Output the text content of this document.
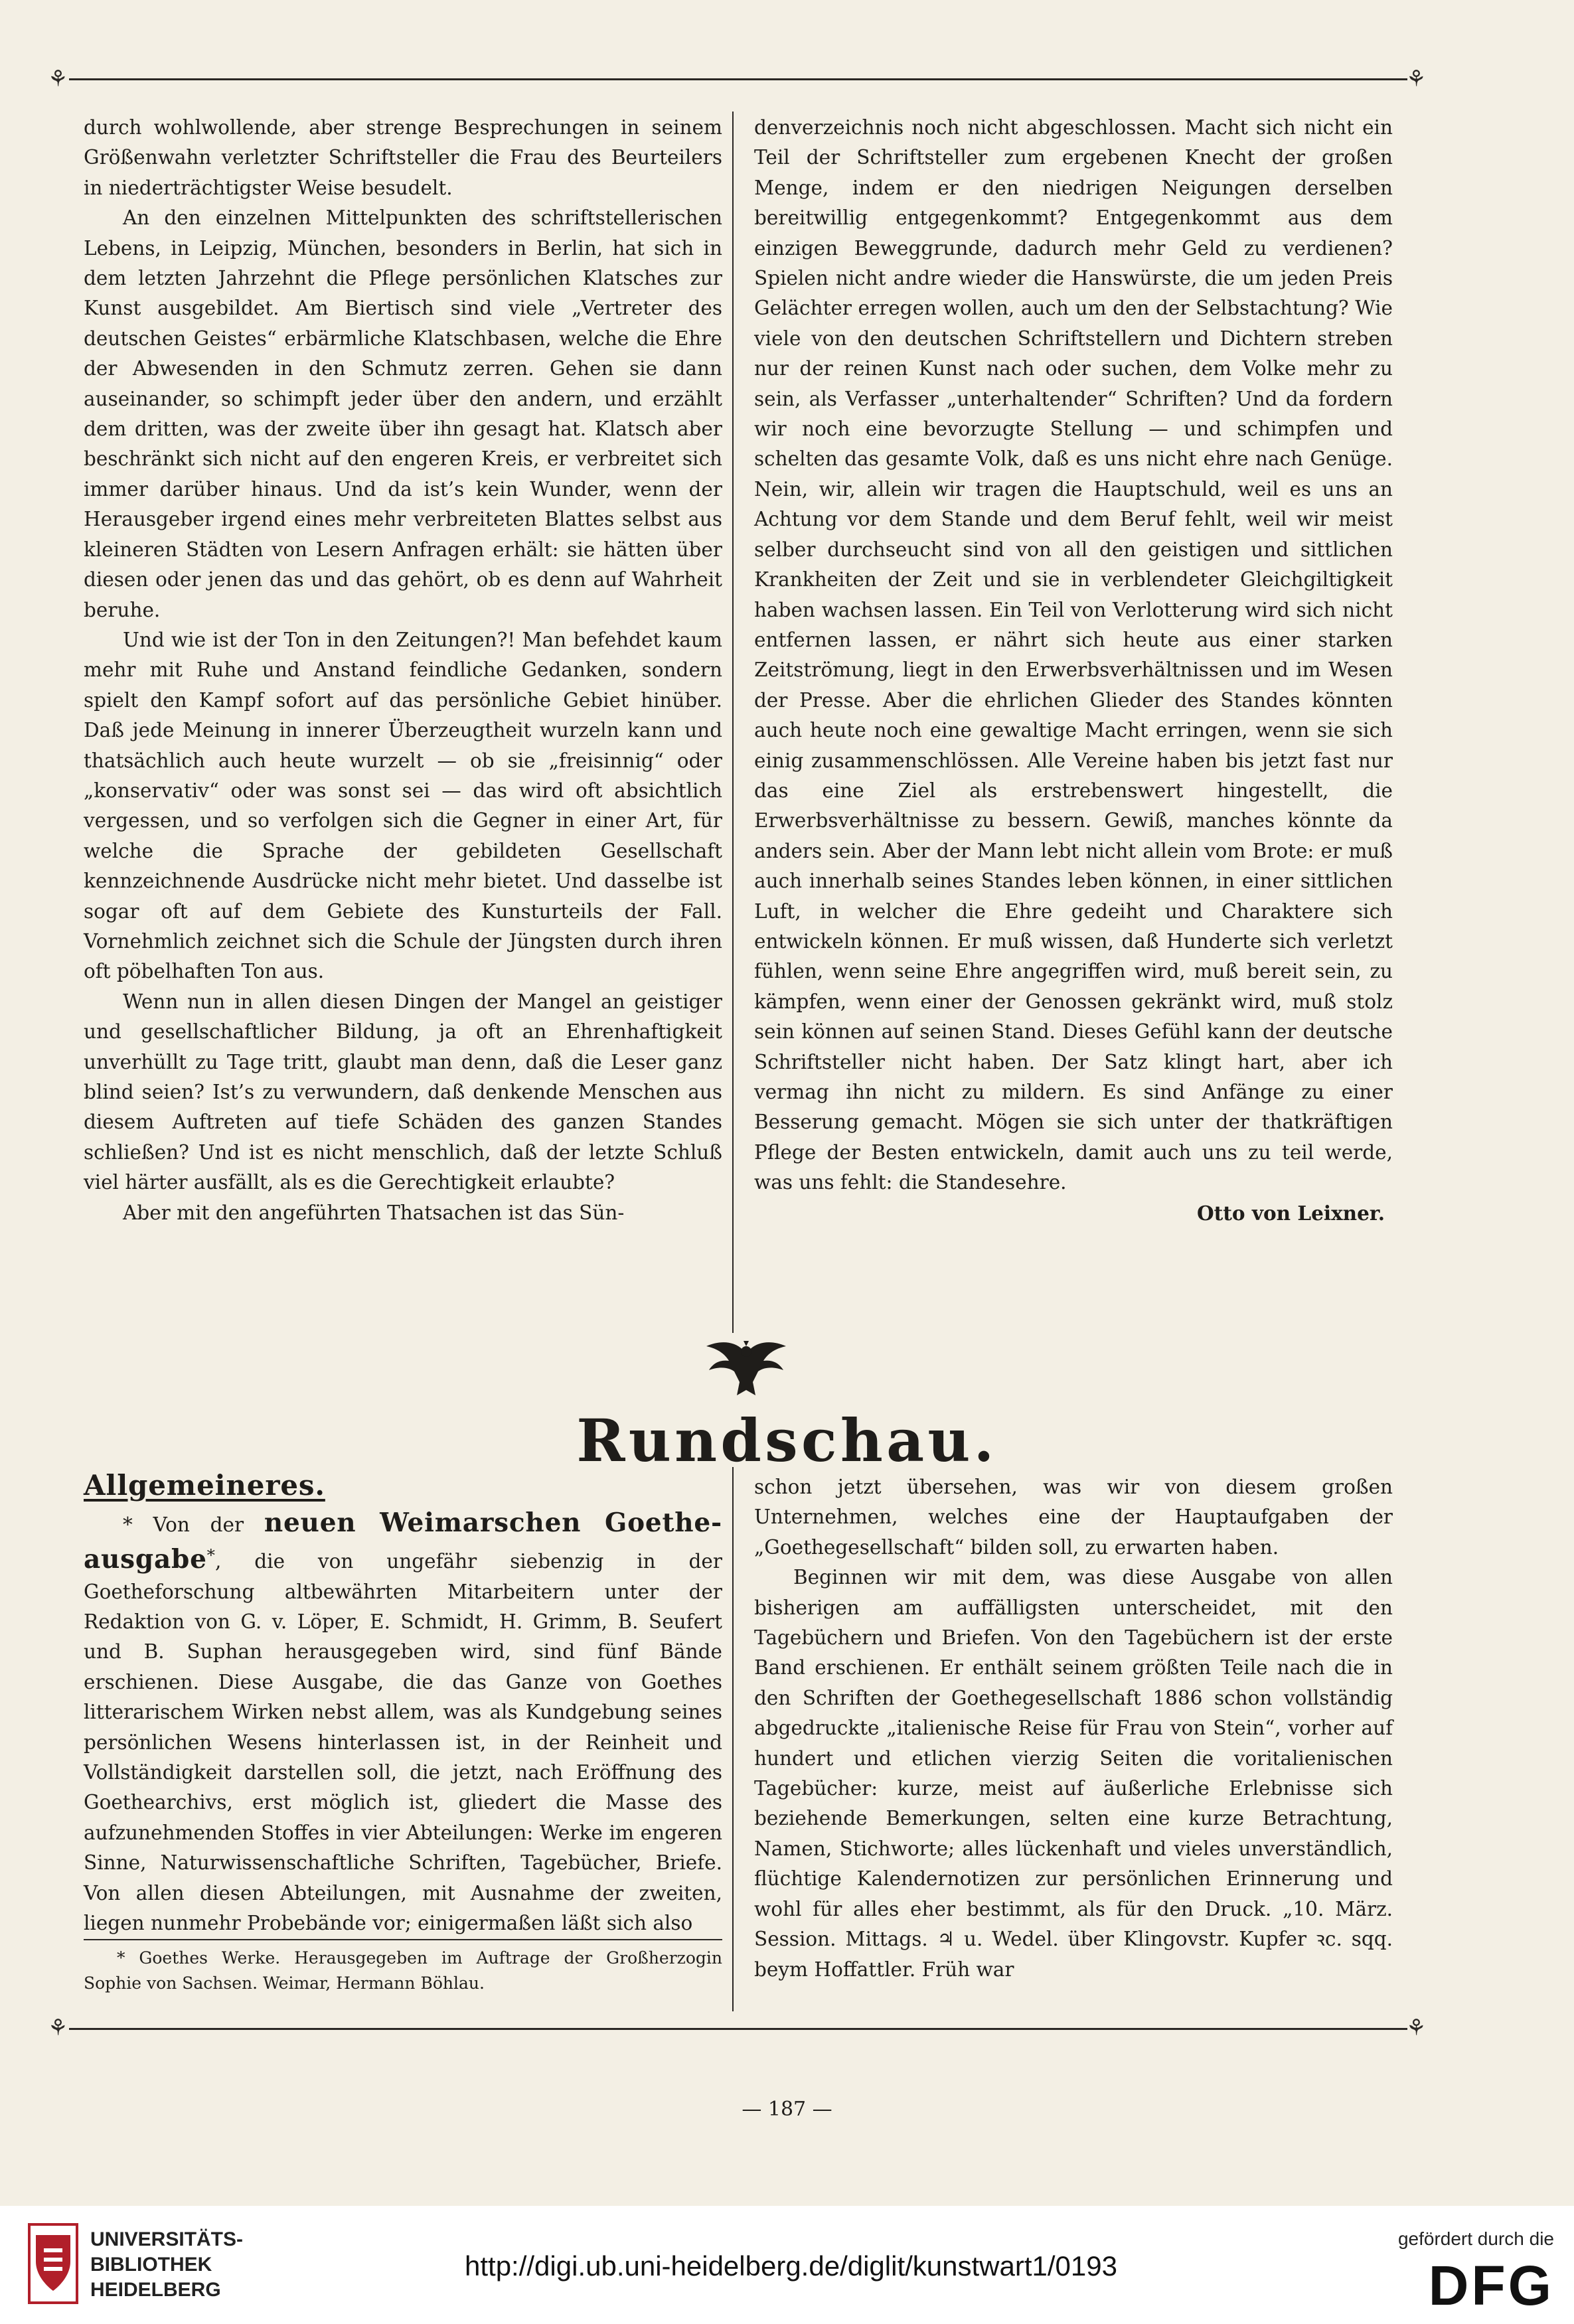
⚘	⚘
⚘	⚘

durch wohlwollende, aber strenge Besprechungen in seinem Größenwahn verletzter Schriftsteller die Frau des Beurteilers in niederträchtigster Weise besudelt.

An den einzelnen Mittelpunkten des schriftstellerischen Lebens, in Leipzig, München, besonders in Berlin, hat sich in dem letzten Jahrzehnt die Pflege persönlichen Klatsches zur Kunst ausgebildet. Am Biertisch sind viele „Vertreter des deutschen Geistes“ erbärmliche Klatschbasen, welche die Ehre der Abwesenden in den Schmutz zerren. Gehen sie dann auseinander, so schimpft jeder über den andern, und erzählt dem dritten, was der zweite über ihn gesagt hat. Klatsch aber beschränkt sich nicht auf den engeren Kreis, er verbreitet sich immer darüber hinaus. Und da ist’s kein Wunder, wenn der Herausgeber irgend eines mehr verbreiteten Blattes selbst aus kleineren Städten von Lesern Anfragen erhält: sie hätten über diesen oder jenen das und das gehört, ob es denn auf Wahrheit beruhe.

Und wie ist der Ton in den Zeitungen?! Man befehdet kaum mehr mit Ruhe und Anstand feindliche Gedanken, sondern spielt den Kampf sofort auf das persönliche Gebiet hinüber. Daß jede Meinung in innerer Überzeugtheit wurzeln kann und thatsächlich auch heute wurzelt — ob sie „freisinnig“ oder „konservativ“ oder was sonst sei — das wird oft absichtlich vergessen, und so verfolgen sich die Gegner in einer Art, für welche die Sprache der gebildeten Gesellschaft kennzeichnende Ausdrücke nicht mehr bietet. Und dasselbe ist sogar oft auf dem Gebiete des Kunsturteils der Fall. Vornehmlich zeichnet sich die Schule der Jüngsten durch ihren oft pöbelhaften Ton aus.

Wenn nun in allen diesen Dingen der Mangel an geistiger und gesellschaftlicher Bildung, ja oft an Ehrenhaftigkeit unverhüllt zu Tage tritt, glaubt man denn, daß die Leser ganz blind seien? Ist’s zu verwundern, daß denkende Menschen aus diesem Auftreten auf tiefe Schäden des ganzen Standes schließen? Und ist es nicht menschlich, daß der letzte Schluß viel härter ausfällt, als es die Gerechtigkeit erlaubte?

Aber mit den angeführten Thatsachen ist das Sün-

denverzeichnis noch nicht abgeschlossen. Macht sich nicht ein Teil der Schriftsteller zum ergebenen Knecht der großen Menge, indem er den niedrigen Neigungen derselben bereitwillig entgegenkommt? Entgegenkommt aus dem einzigen Beweggrunde, dadurch mehr Geld zu verdienen? Spielen nicht andre wieder die Hanswürste, die um jeden Preis Gelächter erregen wollen, auch um den der Selbstachtung? Wie viele von den deutschen Schriftstellern und Dichtern streben nur der reinen Kunst nach oder suchen, dem Volke mehr zu sein, als Verfasser „unterhaltender“ Schriften? Und da fordern wir noch eine bevorzugte Stellung — und schimpfen und schelten das gesamte Volk, daß es uns nicht ehre nach Genüge. Nein, wir, allein wir tragen die Hauptschuld, weil es uns an Achtung vor dem Stande und dem Beruf fehlt, weil wir meist selber durchseucht sind von all den geistigen und sittlichen Krankheiten der Zeit und sie in verblendeter Gleichgiltigkeit haben wachsen lassen. Ein Teil von Verlotterung wird sich nicht entfernen lassen, er nährt sich heute aus einer starken Zeitströmung, liegt in den Erwerbsverhältnissen und im Wesen der Presse. Aber die ehrlichen Glieder des Standes könnten auch heute noch eine gewaltige Macht erringen, wenn sie sich einig zusammenschlössen. Alle Vereine haben bis jetzt fast nur das eine Ziel als erstrebenswert hingestellt, die Erwerbsverhältnisse zu bessern. Gewiß, manches könnte da anders sein. Aber der Mann lebt nicht allein vom Brote: er muß auch innerhalb seines Standes leben können, in einer sittlichen Luft, in welcher die Ehre gedeiht und Charaktere sich entwickeln können. Er muß wissen, daß Hunderte sich verletzt fühlen, wenn seine Ehre angegriffen wird, muß bereit sein, zu kämpfen, wenn einer der Genossen gekränkt wird, muß stolz sein können auf seinen Stand. Dieses Gefühl kann der deutsche Schriftsteller nicht haben. Der Satz klingt hart, aber ich vermag ihn nicht zu mildern. Es sind Anfänge zu einer Besserung gemacht. Mögen sie sich unter der thatkräftigen Pflege der Besten entwickeln, damit auch uns zu teil werde, was uns fehlt: die Standesehre.

Otto von Leixner.

Rundschau.
Allgemeineres.

* Von der neuen Weimarschen Goethe-ausgabe*, die von ungefähr siebenzig in der Goetheforschung altbewährten Mitarbeitern unter der Redaktion von G. v. Löper, E. Schmidt, H. Grimm, B. Seufert und B. Suphan herausgegeben wird, sind fünf Bände erschienen. Diese Ausgabe, die das Ganze von Goethes litterarischem Wirken nebst allem, was als Kundgebung seines persönlichen Wesens hinterlassen ist, in der Reinheit und Vollständigkeit darstellen soll, die jetzt, nach Eröffnung des Goethearchivs, erst möglich ist, gliedert die Masse des aufzunehmenden Stoffes in vier Abteilungen: Werke im engeren Sinne, Naturwissenschaftliche Schriften, Tagebücher, Briefe. Von allen diesen Abteilungen, mit Ausnahme der zweiten, liegen nunmehr Probebände vor; einigermaßen läßt sich also

* Goethes Werke. Herausgegeben im Auftrage der Großherzogin Sophie von Sachsen. Weimar, Hermann Böhlau.

schon jetzt übersehen, was wir von diesem großen Unternehmen, welches eine der Hauptaufgaben der „Goethegesellschaft“ bilden soll, zu erwarten haben.

Beginnen wir mit dem, was diese Ausgabe von allen bisherigen am auffälligsten unterscheidet, mit den Tagebüchern und Briefen. Von den Tagebüchern ist der erste Band erschienen. Er enthält seinem größten Teile nach die in den Schriften der Goethegesellschaft 1886 schon vollständig abgedruckte „italienische Reise für Frau von Stein“, vorher auf hundert und etlichen vierzig Seiten die voritalienischen Tagebücher: kurze, meist auf äußerliche Erlebnisse sich beziehende Bemerkungen, selten eine kurze Betrachtung, Namen, Stichworte; alles lückenhaft und vieles unverständlich, flüchtige Kalendernotizen zur persönlichen Erinnerung und wohl für alles eher bestimmt, als für den Druck. „10. März. Session. Mittags. ♃ u. Wedel. über Klingovstr. Kupfer ꝛc. sqq. beym Hoffattler. Früh war

— 187 —
UNIVERSITÄTS-
BIBLIOTHEK
HEIDELBERG
http://digi.ub.uni-heidelberg.de/diglit/kunstwart1/0193
gefördert durch die
DFG
